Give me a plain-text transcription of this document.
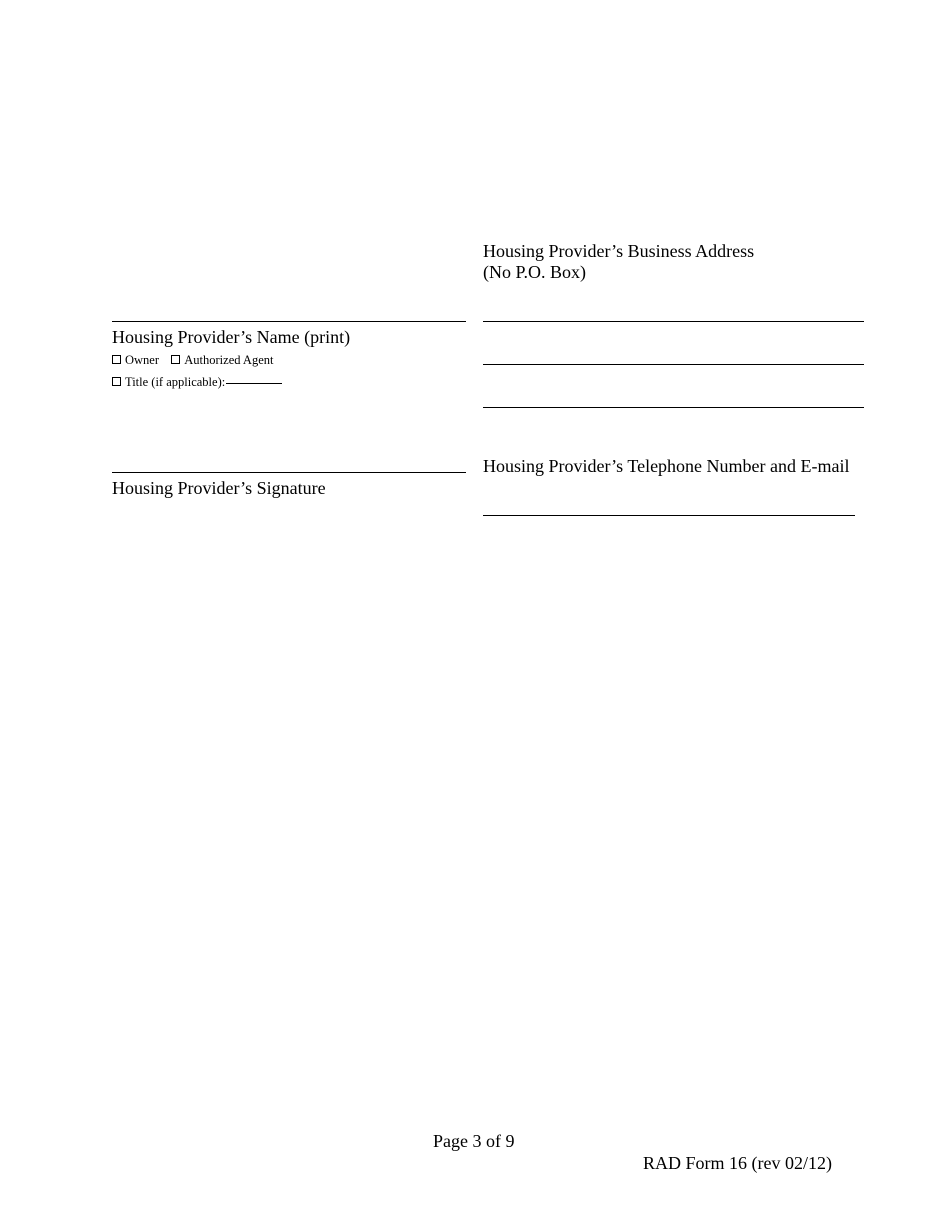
Housing Provider’s Business Address
(No P.O. Box)
Housing Provider’s Name (print)
Owner Authorized Agent
Title (if applicable):
Housing Provider’s Signature
Housing Provider’s Telephone Number and E-mail
Page 3 of 9
RAD Form 16 (rev 02/12)
